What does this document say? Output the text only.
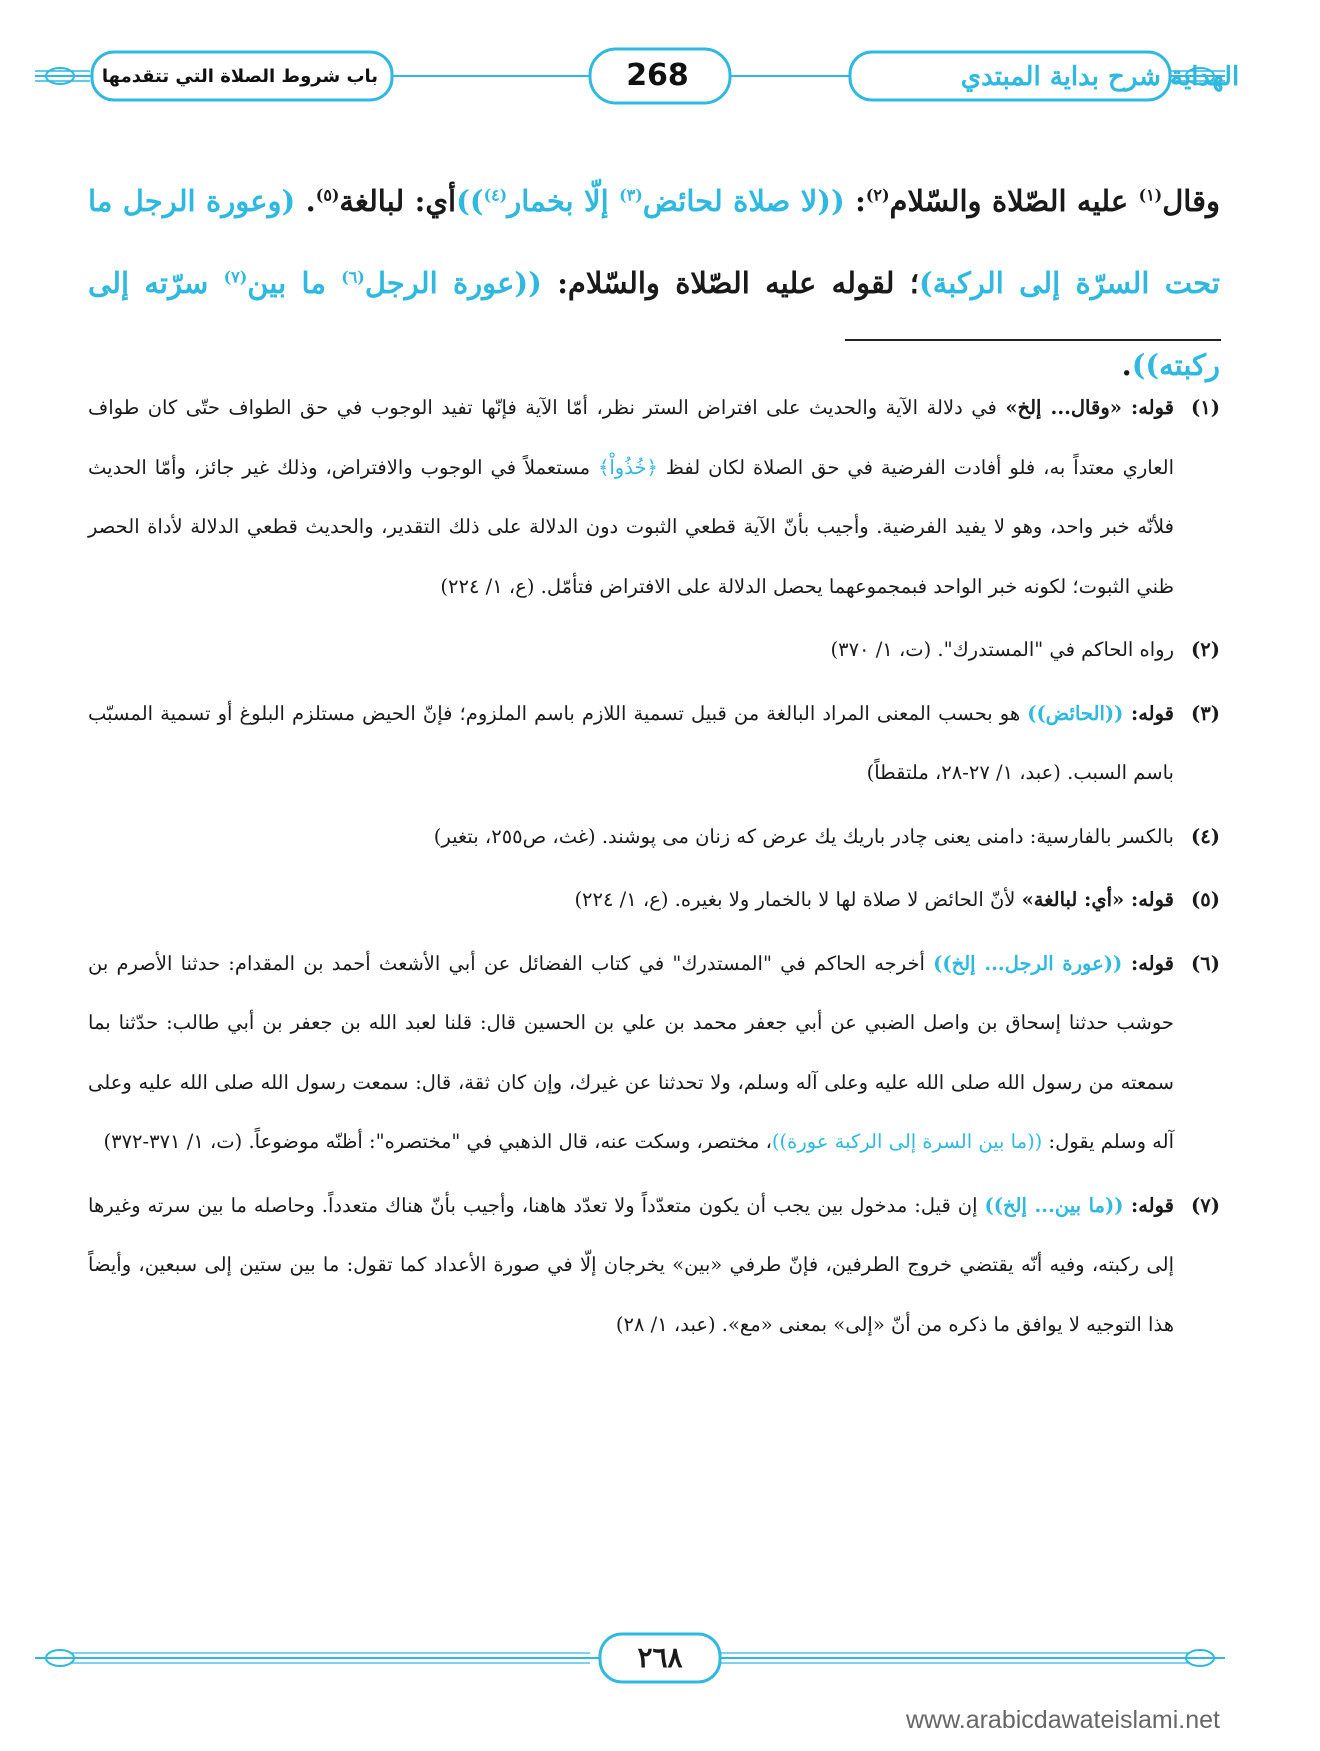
الهداية شرح بداية المبتدي
باب شروط الصلاة التي تتقدمها	268
وقال$^{(١)}$ عليه الصّلاة والسّلام$^{(٢)}$: ((لا صلاة لحائض$^{(٣)}$ إلّا بخمار$^{(٤)}$))أي: لبالغة$^{(٥)}$. (وعورة الرجل ما تحت السرّة إلى الركبة)؛ لقوله عليه الصّلاة والسّلام: ((عورة الرجل$^{(٦)}$ ما بين$^{(٧)}$ سرّته إلى ركبته)).

(١)
قوله: «وقال... إلخ» في دلالة الآية والحديث على افتراض الستر نظر، أمّا الآية فإنّها تفيد الوجوب في حق الطواف حتّى كان طواف العاري معتداً به، فلو أفادت الفرضية في حق الصلاة لكان لفظ ﴿خُذُواْ﴾ مستعملاً في الوجوب والافتراض، وذلك غير جائز، وأمّا الحديث فلأنّه خبر واحد، وهو لا يفيد الفرضية. وأجيب بأنّ الآية قطعي الثبوت دون الدلالة على ذلك التقدير، والحديث قطعي الدلالة لأداة الحصر ظني الثبوت؛ لكونه خبر الواحد فبمجموعهما يحصل الدلالة على الافتراض فتأمّل. (ع، ١/ ٢٢٤)

(٢)
رواه الحاكم في "المستدرك". (ت، ١/ ٣٧٠)

(٣)
قوله: ((الحائض)) هو بحسب المعنى المراد البالغة من قبيل تسمية اللازم باسم الملزوم؛ فإنّ الحيض مستلزم البلوغ أو تسمية المسبّب باسم السبب. (عبد، ١/ ٢٧-٢٨، ملتقطاً)

(٤)
بالكسر بالفارسية: دامنى يعنى چادر باريك يك عرض كه زنان مى پوشند. (غث، ص٢٥٥، بتغير)

(٥)
قوله: «أي: لبالغة» لأنّ الحائض لا صلاة لها لا بالخمار ولا بغيره. (ع، ١/ ٢٢٤)

(٦)
قوله: ((عورة الرجل... إلخ)) أخرجه الحاكم في "المستدرك" في كتاب الفضائل عن أبي الأشعث أحمد بن المقدام: حدثنا الأصرم بن حوشب حدثنا إسحاق بن واصل الضبي عن أبي جعفر محمد بن علي بن الحسين قال: قلنا لعبد الله بن جعفر بن أبي طالب: حدّثنا بما سمعته من رسول الله صلى الله عليه وعلى آله وسلم، ولا تحدثنا عن غيرك، وإن كان ثقة، قال: سمعت رسول الله صلى الله عليه وعلى آله وسلم يقول: ((ما بين السرة إلى الركبة عورة))، مختصر، وسكت عنه، قال الذهبي في "مختصره": أظنّه موضوعاً. (ت، ١/ ٣٧١-٣٧٢)

(٧)
قوله: ((ما بين... إلخ)) إن قيل: مدخول بين يجب أن يكون متعدّداً ولا تعدّد هاهنا، وأجيب بأنّ هناك متعدداً. وحاصله ما بين سرته وغيرها إلى ركبته، وفيه أنّه يقتضي خروج الطرفين، فإنّ طرفي «بين» يخرجان إلّا في صورة الأعداد كما تقول: ما بين ستين إلى سبعين، وأيضاً هذا التوجيه لا يوافق ما ذكره من أنّ «إلى» بمعنى «مع». (عبد، ١/ ٢٨)

٢٦٨
www.arabicdawateislami.net
